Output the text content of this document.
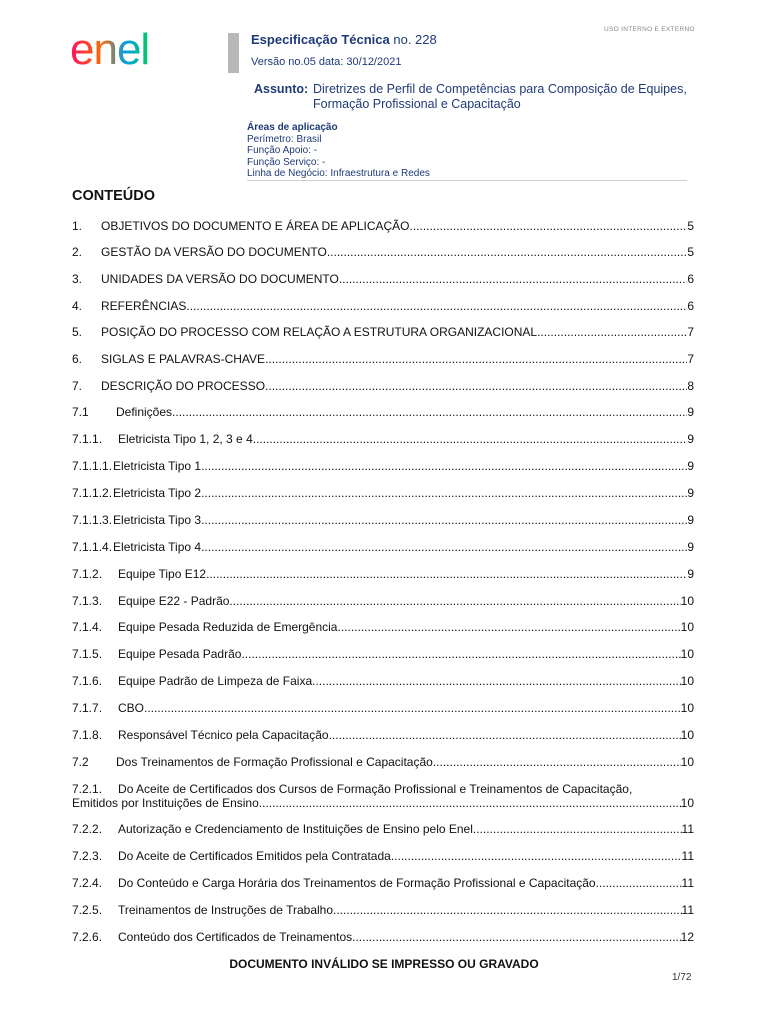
USO INTERNO E EXTERNO
enel	Especificação Técnica no. 228
Versão no.05 data: 30/12/2021
Assunto: Diretrizes de Perfil de Competências para Composição de Equipes,
Formação Profissional e Capacitação
Áreas de aplicação
Perímetro: Brasil
Função Apoio: -
Função Serviço: -
Linha de Negócio: Infraestrutura e Redes
CONTEÚDO
1.	OBJETIVOS DO DOCUMENTO E ÁREA DE APLICAÇÃO .....	5
2.	GESTÃO DA VERSÃO DO DOCUMENTO .....	5
3.	UNIDADES DA VERSÃO DO DOCUMENTO .....	6
4.	REFERÊNCIAS .....	6
5.	POSIÇÃO DO PROCESSO COM RELAÇÃO A ESTRUTURA ORGANIZACIONAL .....	7
6.	SIGLAS E PALAVRAS-CHAVE .....	7
7.	DESCRIÇÃO DO PROCESSO .....	8
7.1	Definições .....	9
7.1.1.	Eletricista Tipo 1, 2, 3 e 4 .....	9
7.1.1.1. Eletricista Tipo 1 .....	9
7.1.1.2. Eletricista Tipo 2 .....	9
7.1.1.3. Eletricista Tipo 3 .....	9
7.1.1.4. Eletricista Tipo 4 .....	9
7.1.2.	Equipe Tipo E12 .....	9
7.1.3.	Equipe E22 - Padrão .....	10
7.1.4.	Equipe Pesada Reduzida de Emergência .....	10
7.1.5.	Equipe Pesada Padrão .....	10
7.1.6.	Equipe Padrão de Limpeza de Faixa .....	10
7.1.7.	CBO .....	10
7.1.8.	Responsável Técnico pela Capacitação .....	10
7.2	Dos Treinamentos de Formação Profissional e Capacitação .....	10
7.2.1. Do Aceite de Certificados dos Cursos de Formação Profissional e Treinamentos de Capacitação,
Emitidos por Instituições de Ensino. .....	10
7.2.2.	Autorização e Credenciamento de Instituições de Ensino pelo Enel .....	11
7.2.3.	Do Aceite de Certificados Emitidos pela Contratada .....	11
7.2.4.	Do Conteúdo e Carga Horária dos Treinamentos de Formação Profissional e Capacitação .....	11
7.2.5.	Treinamentos de Instruções de Trabalho .....	11
7.2.6.	Conteúdo dos Certificados de Treinamentos .....	12
DOCUMENTO INVÁLIDO SE IMPRESSO OU GRAVADO
1/72
